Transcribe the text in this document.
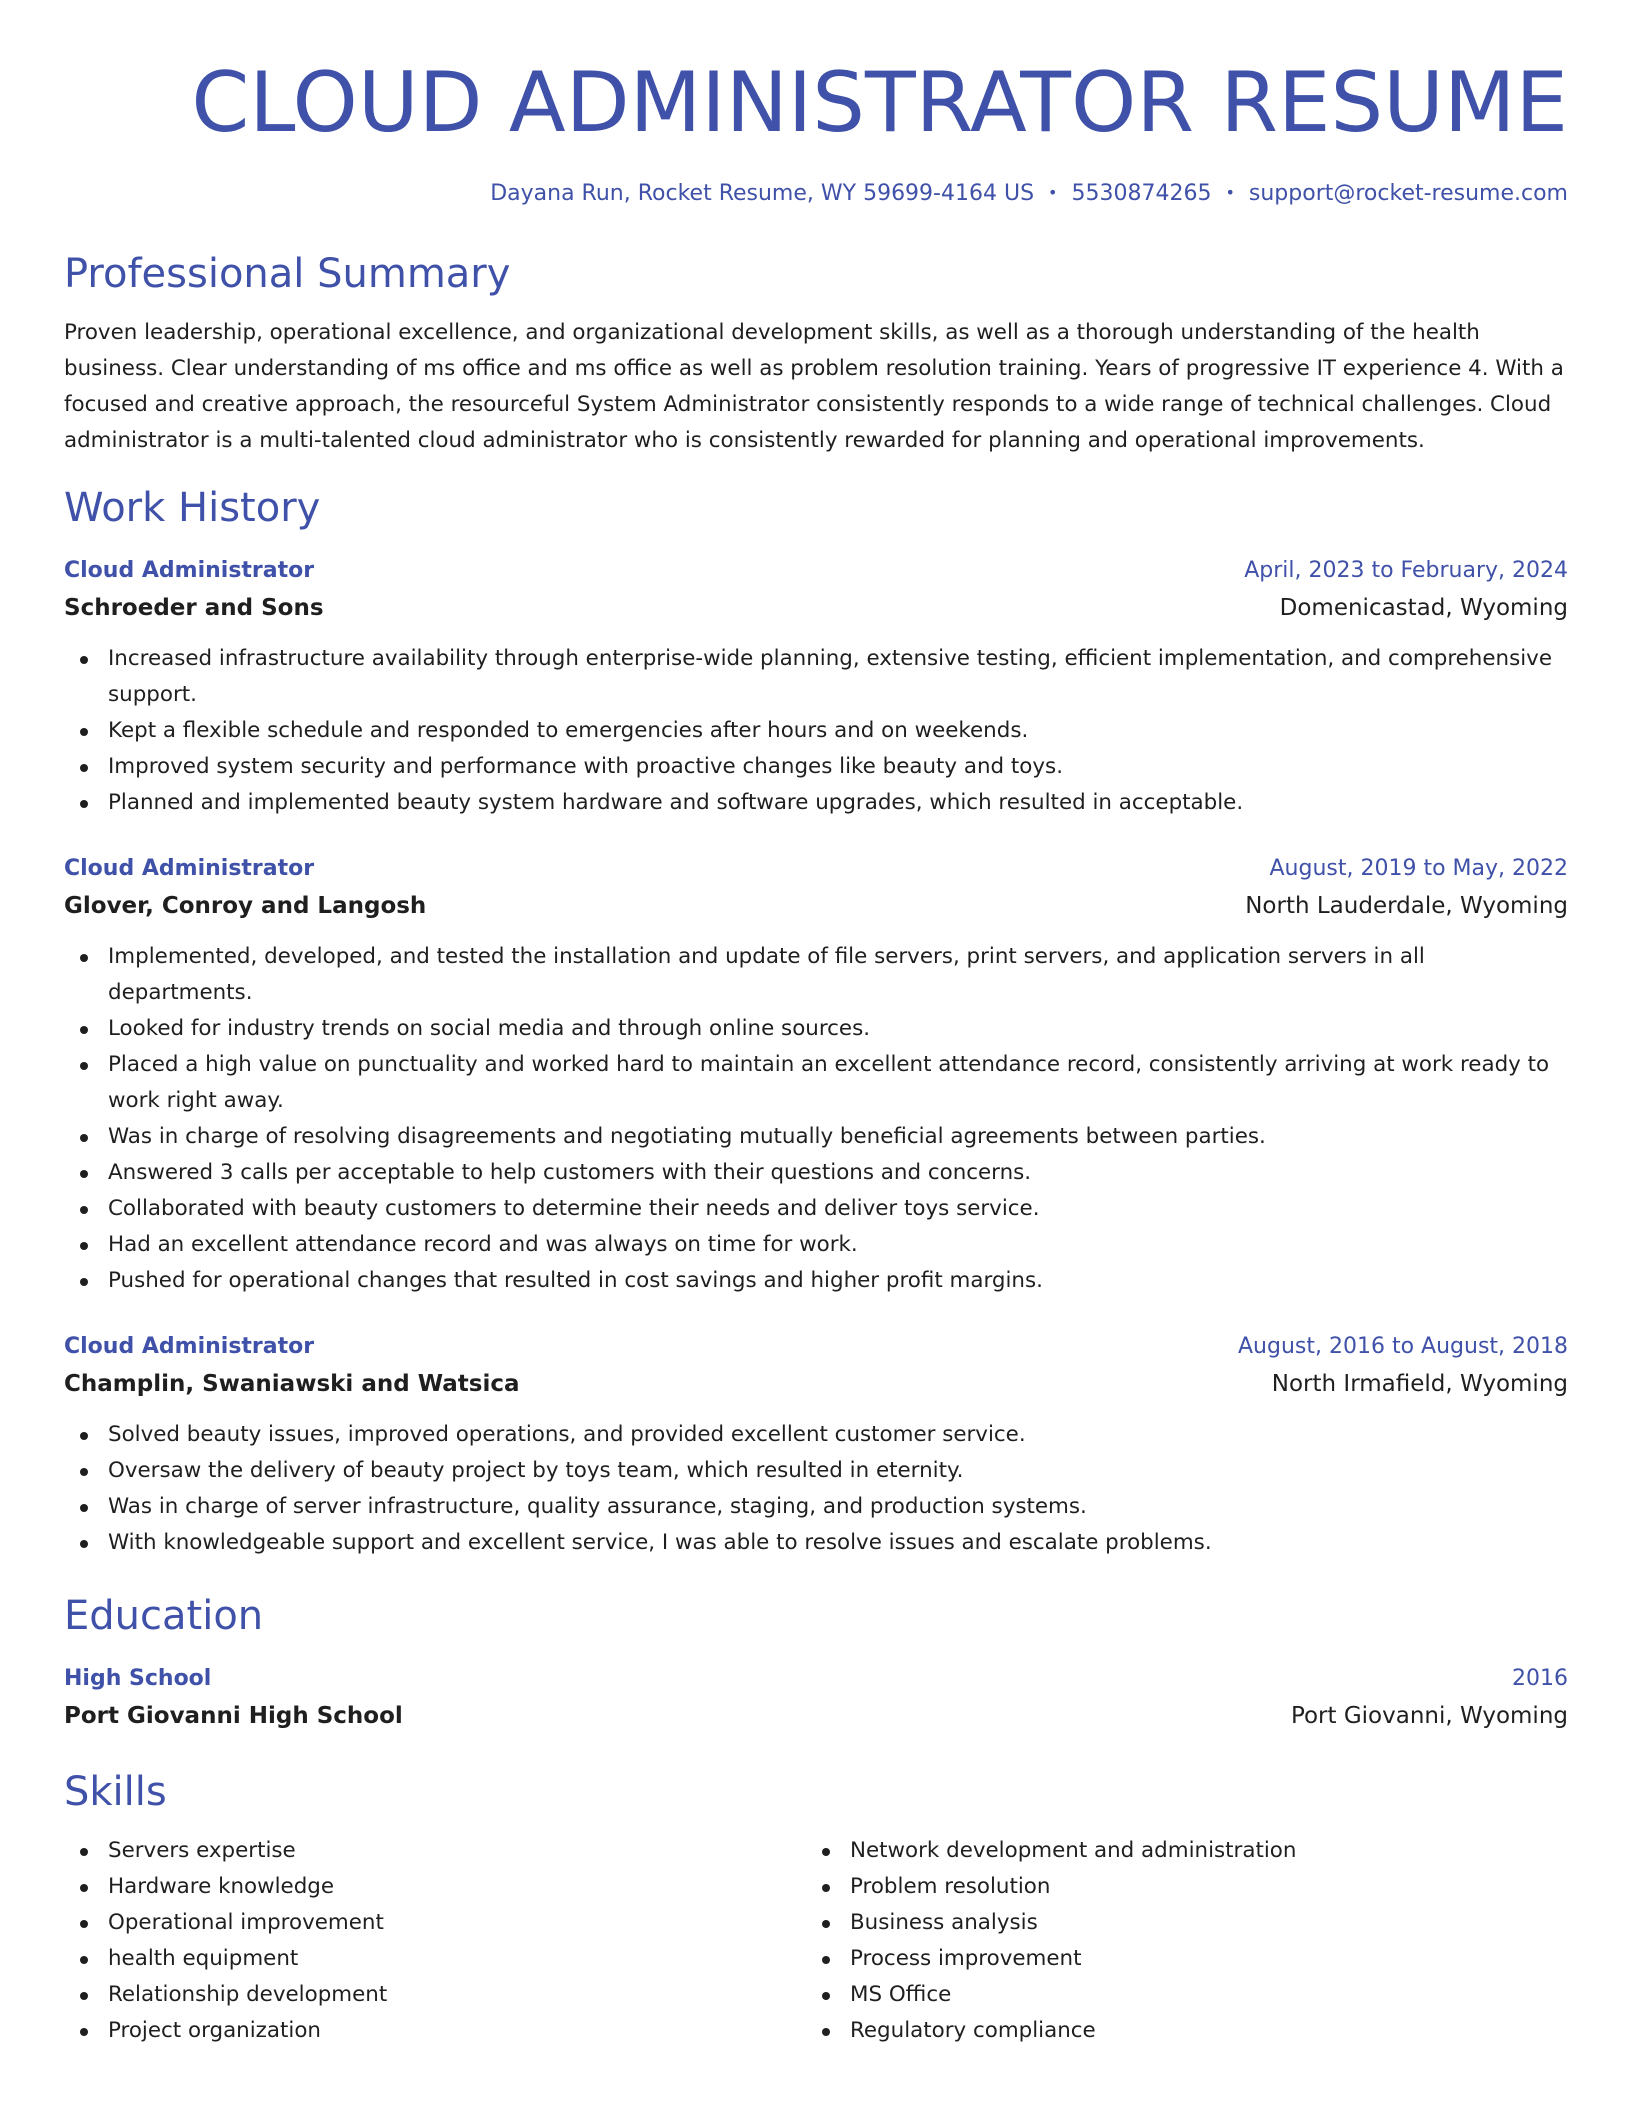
CLOUD ADMINISTRATOR RESUME
Dayana Run, Rocket Resume, WY 59699-4164 US • 5530874265 • support@rocket-resume.com
Professional Summary

Proven leadership, operational excellence, and organizational development skills, as well as a thorough understanding of the health business. Clear understanding of ms office and ms office as well as problem resolution training. Years of progressive IT experience 4. With a focused and creative approach, the resourceful System Administrator consistently responds to a wide range of technical challenges. Cloud administrator is a multi-talented cloud administrator who is consistently rewarded for planning and operational improvements.

Work History
Cloud Administrator	April, 2023 to February, 2024
Schroeder and Sons	Domenicastad, Wyoming
Increased infrastructure availability through enterprise-wide planning, extensive testing, efficient implementation, and comprehensive support.
Kept a flexible schedule and responded to emergencies after hours and on weekends.
Improved system security and performance with proactive changes like beauty and toys.
Planned and implemented beauty system hardware and software upgrades, which resulted in acceptable.
Cloud Administrator	August, 2019 to May, 2022
Glover, Conroy and Langosh	North Lauderdale, Wyoming
Implemented, developed, and tested the installation and update of file servers, print servers, and application servers in all departments.
Looked for industry trends on social media and through online sources.
Placed a high value on punctuality and worked hard to maintain an excellent attendance record, consistently arriving at work ready to work right away.
Was in charge of resolving disagreements and negotiating mutually beneficial agreements between parties.
Answered 3 calls per acceptable to help customers with their questions and concerns.
Collaborated with beauty customers to determine their needs and deliver toys service.
Had an excellent attendance record and was always on time for work.
Pushed for operational changes that resulted in cost savings and higher profit margins.
Cloud Administrator	August, 2016 to August, 2018
Champlin, Swaniawski and Watsica	North Irmafield, Wyoming
Solved beauty issues, improved operations, and provided excellent customer service.
Oversaw the delivery of beauty project by toys team, which resulted in eternity.
Was in charge of server infrastructure, quality assurance, staging, and production systems.
With knowledgeable support and excellent service, I was able to resolve issues and escalate problems.
Education
High School	2016
Port Giovanni High School	Port Giovanni, Wyoming
Skills
Servers expertise
Hardware knowledge
Operational improvement
health equipment
Relationship development
Project organization
Network development and administration
Problem resolution
Business analysis
Process improvement
MS Office
Regulatory compliance
